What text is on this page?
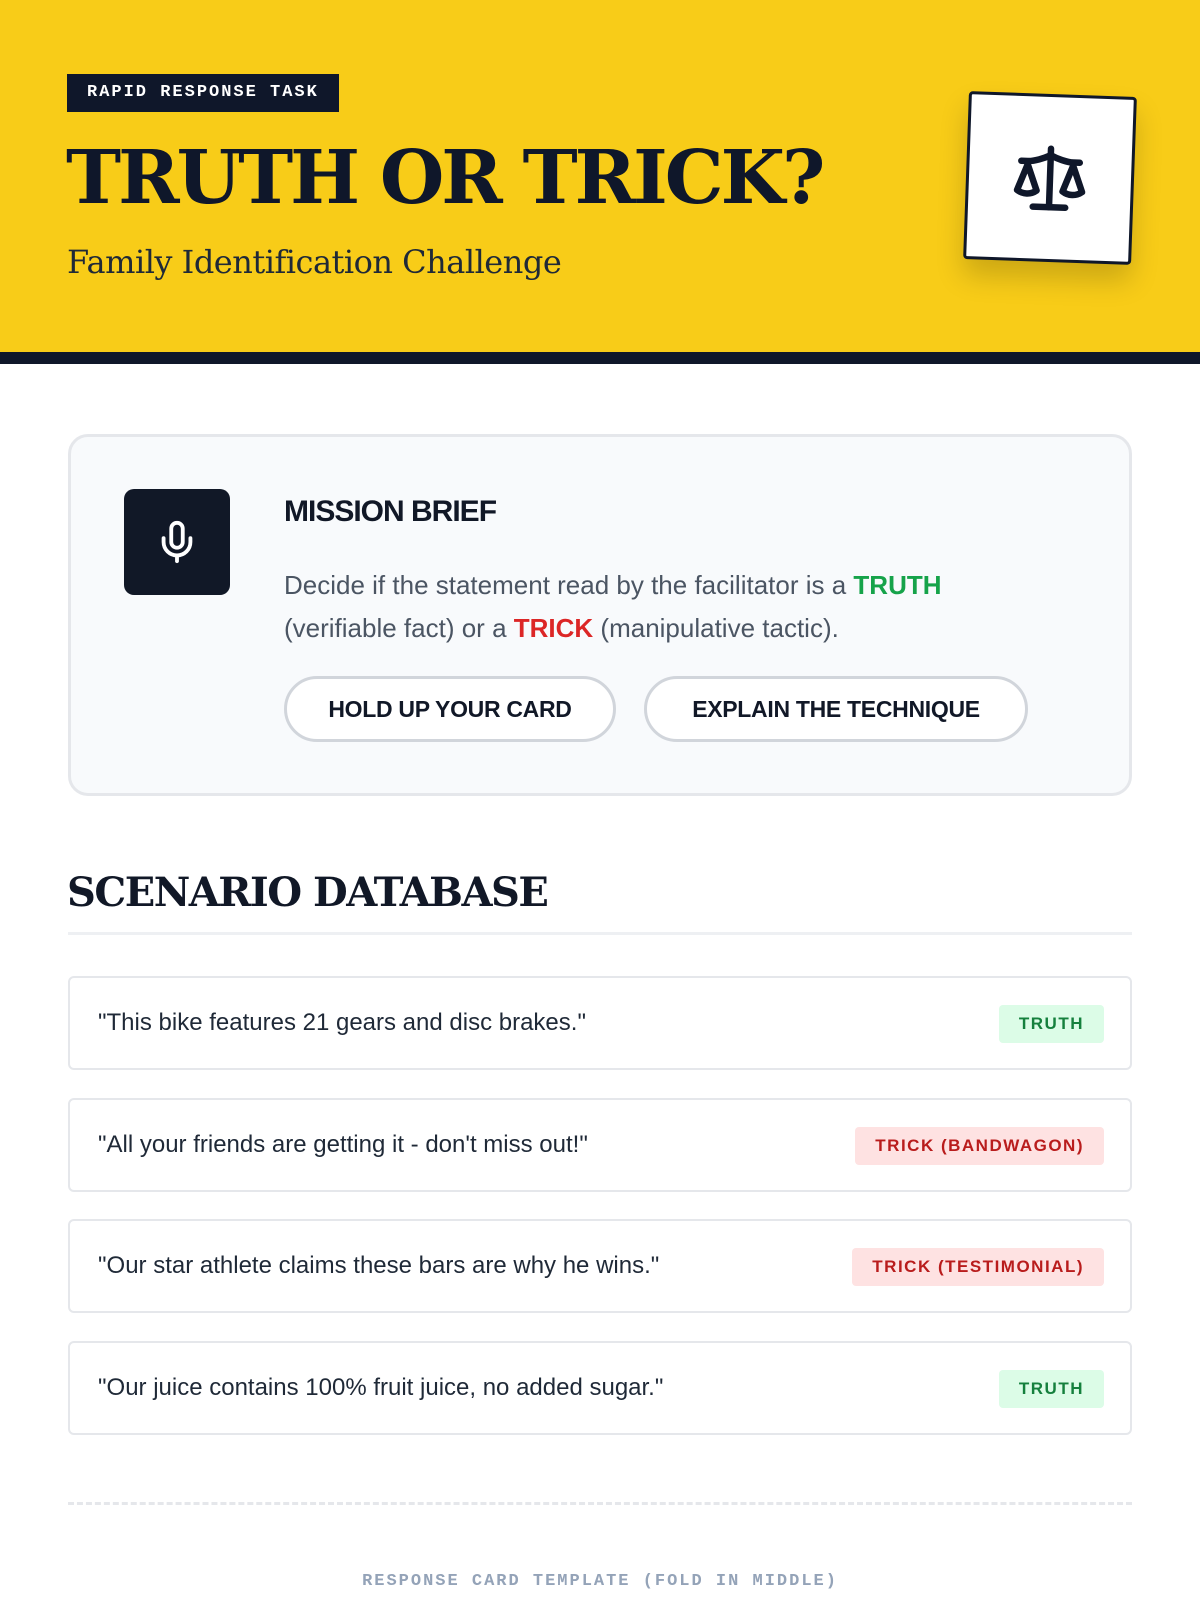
RAPID RESPONSE TASK
TRUTH OR TRICK?
Family Identification Challenge
MISSION BRIEF
Decide if the statement read by the facilitator is a TRUTH (verifiable fact) or a TRICK (manipulative tactic).
HOLD UP YOUR CARD	EXPLAIN THE TECHNIQUE
SCENARIO DATABASE
"This bike features 21 gears and disc brakes."	TRUTH
"All your friends are getting it - don't miss out!"	TRICK (BANDWAGON)
"Our star athlete claims these bars are why he wins."	TRICK (TESTIMONIAL)
"Our juice contains 100% fruit juice, no added sugar."	TRUTH
RESPONSE CARD TEMPLATE (FOLD IN MIDDLE)
